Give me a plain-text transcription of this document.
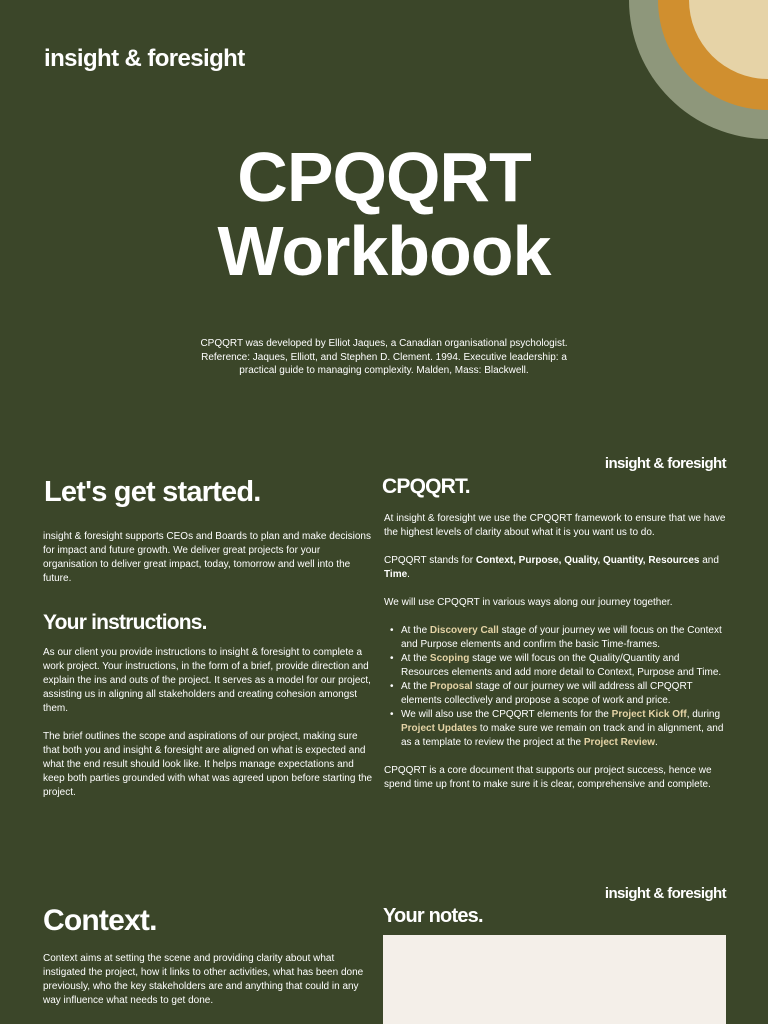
insight & foresight
CPQQRT
Workbook
CPQQRT was developed by Elliot Jaques, a Canadian organisational psychologist. Reference: Jaques, Elliott, and Stephen D. Clement. 1994. Executive leadership: a practical guide to managing complexity. Malden, Mass: Blackwell.
insight & foresight
Let's get started.
insight & foresight supports CEOs and Boards to plan and make decisions for impact and future growth. We deliver great projects for your organisation to deliver great impact, today, tomorrow and well into the future.
Your instructions.

As our client you provide instructions to insight & foresight to complete a work project. Your instructions, in the form of a brief, provide direction and explain the ins and outs of the project. It serves as a model for our project, assisting us in aligning all stakeholders and creating cohesion amongst them.

The brief outlines the scope and aspirations of our project, making sure that both you and insight & foresight are aligned on what is expected and what the end result should look like. It helps manage expectations and keep both parties grounded with what was agreed upon before starting the project.

CPQQRT.

At insight & foresight we use the CPQQRT framework to ensure that we have the highest levels of clarity about what it is you want us to do.

CPQQRT stands for Context, Purpose, Quality, Quantity, Resources and Time.

We will use CPQQRT in various ways along our journey together.

• At the Discovery Call stage of your journey we will focus on the Context and Purpose elements and confirm the basic Time-frames.
• At the Scoping stage we will focus on the Quality/Quantity and Resources elements and add more detail to Context, Purpose and Time.
• At the Proposal stage of our journey we will address all CPQQRT elements collectively and propose a scope of work and price.
• We will also use the CPQQRT elements for the Project Kick Off, during Project Updates to make sure we remain on track and in alignment, and as a template to review the project at the Project Review.

CPQQRT is a core document that supports our project success, hence we spend time up front to make sure it is clear, comprehensive and complete.

insight & foresight
Context.
Context aims at setting the scene and providing clarity about what instigated the project, how it links to other activities, what has been done previously, who the key stakeholders are and anything that could in any way influence what needs to get done.
Your notes.
